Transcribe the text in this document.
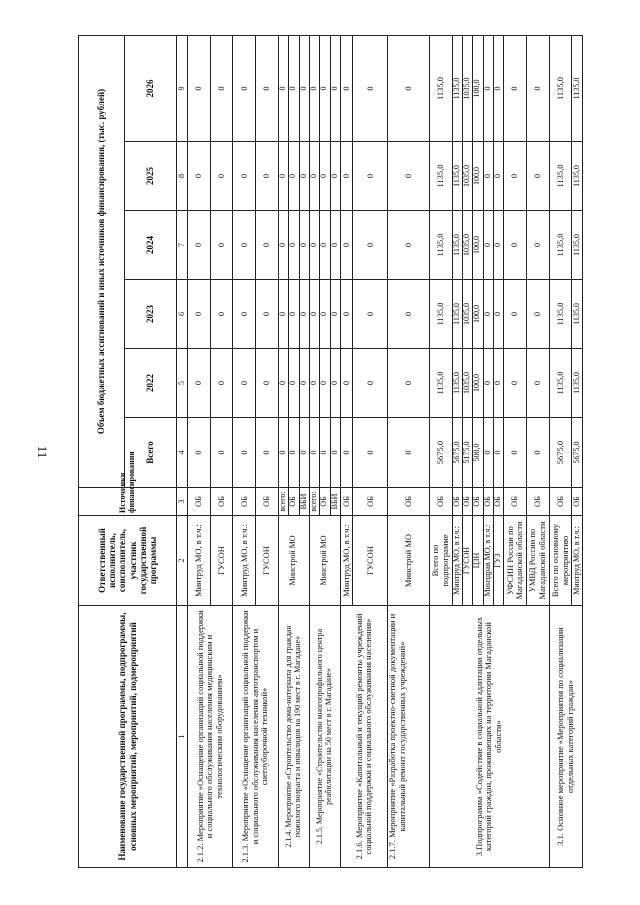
11
Наименование государственной программы, подпрограммы, основных мероприятий, мероприятий, подмероприятий	Ответственный исполнитель, соисполнитель, участник государственной программы	Источники финансирования	Объем бюджетных ассигнований и иных источников финансирования, (тыс. рублей)					
			Всего	2022	2023	2024	2025	2026
1	2	3	4	5	6	7	8	9
2.1.2. Мероприятие «Оснащение организаций социальной поддержки и социального обслуживания населения медицинским и технологическим оборудованием»	Минтруд МО, в т.ч.:	ОБ	0	0	0	0	0	0
	ГУСОН	ОБ	0	0	0	0	0	0
2.1.3. Мероприятие «Оснащение организаций социальной поддержки и социального обслуживания населения автотранспортом и снегоуборочной техникой»	Минтруд МО, в т.ч.:	ОБ	0	0	0	0	0	0
	ГУСОН	ОБ	0	0	0	0	0	0
2.1.4. Мероприятие «Строительство дома-интерната для граждан пожилого возраста и инвалидов на 190 мест в г. Магадане»	Минстрой МО	всего:	0	0	0	0	0	0
		ОБ	0	0	0	0	0	0
		ВБИ	0	0	0	0	0	0
2.1.5. Мероприятие «Строительство многопрофильного центра реабилитации на 50 мест в г. Магадане»	Минстрой МО	всего:	0	0	0	0	0	0
		ОБ	0	0	0	0	0	0
		ВБИ	0	0	0	0	0	0
2.1.6. Мероприятие «Капитальный и текущий ремонты учреждений социальной поддержки и социального обслуживания населения»	Минтруд МО, в т.ч.:	ОБ	0	0	0	0	0	0
	ГУСОН	ОБ	0	0	0	0	0	0
2.1.7. Мероприятие «Разработка проектно-сметной документации и капитальный ремонт государственных учреждений»	Минстрой МО	ОБ	0	0	0	0	0	0
3.Подпрограмма «Содействие в социальной адаптации отдельных категорий граждан, проживающих на территории Магаданской области»	Всего по подпрограмме	ОБ	5675,0	1135,0	1135,0	1135,0	1135,0	1135,0
	Минтруд МО, в т.ч.:	ОБ	5675,0	1135,0	1135,0	1135,0	1135,0	1135,0
	ГУСОН	ОБ	5175,0	1035,0	1035,0	1035,0	1035,0	1035,0
	ЦЗН	ОБ	500,0	100,0	100,0	100,0	100,0	100,0
	Минздрав МО, в т.ч.:	ОБ	0	0	0	0	0	0
	ГУЗ	ОБ	0	0	0	0	0	0
	УФСИН России по Магаданской области	ОБ	0	0	0	0	0	0
	УМВД России по Магаданской области	ОБ	0	0	0	0	0	0
3.1. Основное мероприятие «Мероприятия по социализации отдельных категорий граждан»	Всего по основному мероприятию	ОБ	5675,0	1135,0	1135,0	1135,0	1135,0	1135,0
	Минтруд МО, в т.ч.:	ОБ	5675,0	1135,0	1135,0	1135,0	1135,0	1135,0
